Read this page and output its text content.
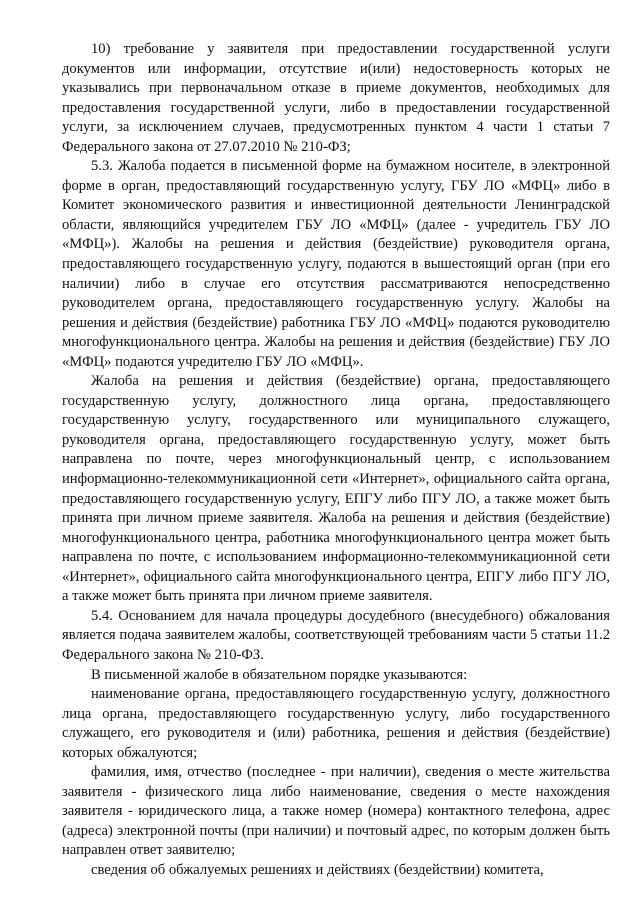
10) требование у заявителя при предоставлении государственной услуги документов или информации, отсутствие и(или) недостоверность которых не указывались при первоначальном отказе в приеме документов, необходимых для предоставления государственной услуги, либо в предоставлении государственной услуги, за исключением случаев, предусмотренных пунктом 4 части 1 статьи 7 Федерального закона от 27.07.2010 № 210-ФЗ;

5.3. Жалоба подается в письменной форме на бумажном носителе, в электронной форме в орган, предоставляющий государственную услугу, ГБУ ЛО «МФЦ» либо в Комитет экономического развития и инвестиционной деятельности Ленинградской области, являющийся учредителем ГБУ ЛО «МФЦ» (далее - учредитель ГБУ ЛО «МФЦ»). Жалобы на решения и действия (бездействие) руководителя органа, предоставляющего государственную услугу, подаются в вышестоящий орган (при его наличии) либо в случае его отсутствия рассматриваются непосредственно руководителем органа, предоставляющего государственную услугу. Жалобы на решения и действия (бездействие) работника ГБУ ЛО «МФЦ» подаются руководителю многофункционального центра. Жалобы на решения и действия (бездействие) ГБУ ЛО «МФЦ» подаются учредителю ГБУ ЛО «МФЦ».

Жалоба на решения и действия (бездействие) органа, предоставляющего государственную услугу, должностного лица органа, предоставляющего государственную услугу, государственного или муниципального служащего, руководителя органа, предоставляющего государственную услугу, может быть направлена по почте, через многофункциональный центр, с использованием информационно-телекоммуникационной сети «Интернет», официального сайта органа, предоставляющего государственную услугу, ЕПГУ либо ПГУ ЛО, а также может быть принята при личном приеме заявителя. Жалоба на решения и действия (бездействие) многофункционального центра, работника многофункционального центра может быть направлена по почте, с использованием информационно-телекоммуникационной сети «Интернет», официального сайта многофункционального центра, ЕПГУ либо ПГУ ЛО, а также может быть принята при личном приеме заявителя.

5.4. Основанием для начала процедуры досудебного (внесудебного) обжалования является подача заявителем жалобы, соответствующей требованиям части 5 статьи 11.2 Федерального закона № 210-ФЗ.

В письменной жалобе в обязательном порядке указываются:

наименование органа, предоставляющего государственную услугу, должностного лица органа, предоставляющего государственную услугу, либо государственного служащего, его руководителя и (или) работника, решения и действия (бездействие) которых обжалуются;

фамилия, имя, отчество (последнее - при наличии), сведения о месте жительства заявителя - физического лица либо наименование, сведения о месте нахождения заявителя - юридического лица, а также номер (номера) контактного телефона, адрес (адреса) электронной почты (при наличии) и почтовый адрес, по которым должен быть направлен ответ заявителю;

сведения об обжалуемых решениях и действиях (бездействии) комитета,
